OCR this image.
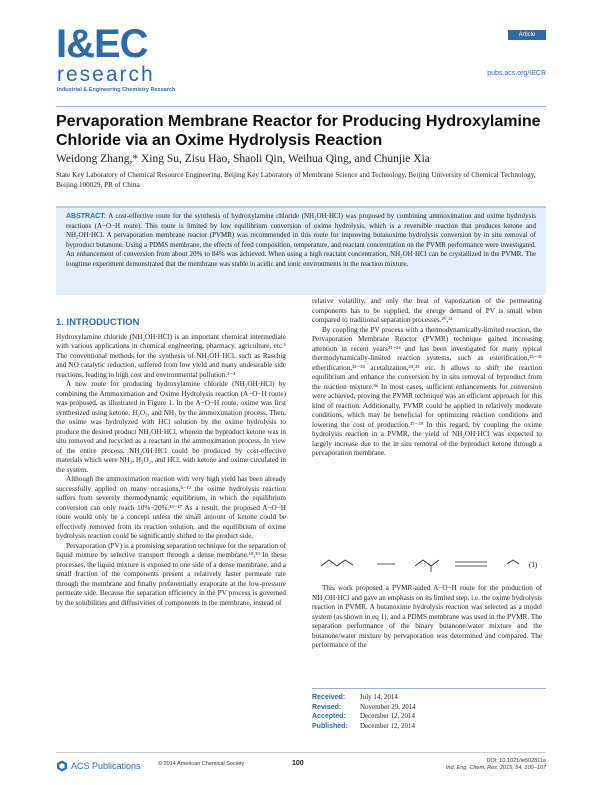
I&EC
research
Industrial & Engineering Chemistry Research
Article
pubs.acs.org/IECR
Pervaporation Membrane Reactor for Producing Hydroxylamine Chloride via an Oxime Hydrolysis Reaction
Weidong Zhang,* Xing Su, Zisu Hao, Shaoli Qin, Weihua Qing, and Chunjie Xia
State Key Laboratory of Chemical Resource Engineering, Beijing Key Laboratory of Membrane Science and Technology, Beijing University of Chemical Technology, Beijing 100029, PR of China
ABSTRACT: A cost-effective route for the synthesis of hydroxylamine chloride (NH₂OH·HCl) was proposed by combining ammoximation and oxime hydrolysis reactions (A−O−H route). This route is limited by low equilibrium conversion of oxime hydrolysis, which is a reversible reaction that produces ketone and NH₂OH·HCl. A pervaporation membrane reactor (PVMR) was recommended in this route for improving butanoxime hydrolysis conversion by in situ removal of byproduct butanone. Using a PDMS membrane, the effects of feed composition, temperature, and reactant concentration on the PVMR performance were investigated. An enhancement of conversion from about 20% to 84% was achieved. When using a high reactant concentration, NH₂OH·HCl can be crystallized in the PVMR. The longtime experiment demonstrated that the membrane was stable in acidic and ionic environments in the reaction mixture.
1. INTRODUCTION

Hydroxylamine chloride (NH₂OH·HCl) is an important chemical intermediate with various applications in chemical engineering, pharmacy, agriculture, etc.¹ The conventional methods for the synthesis of NH₂OH·HCl, such as Raschig and NO catalytic reduction, suffered from low yield and many undesirable side reactions, leading to high cost and environmental pollution.²⁻⁴

A new route for producing hydroxylamine chloride (NH₂OH·HCl) by combining the Ammoximation and Oxime Hydrolysis reaction (A−O−H route) was proposed, as illustrated in Figure 1. In the A−O−H route, oxime was first synthesized using ketone, H₂O₂, and NH₃ by the ammoximation process. Then, the oxime was hydrolyzed with HCl solution by the oxime hydrolysis to produce the desired product NH₂OH·HCl, wherein the byproduct ketone was in situ removed and recycled as a reactant in the ammoximation process. In view of the entire process, NH₂OH·HCl could be produced by cost-effective materials which were NH₃, H₂O₂, and HCl, with ketone and oxime circulated in the system.

Although the ammoximation reaction with very high yield has been already successfully applied on many occasions,⁵⁻¹² the oxime hydrolysis reaction suffers from severely thermodynamic equilibrium, in which the equilibrium conversion can only reach 10%−20%.¹³⁻¹⁷ As a result, the proposed A−O−H route would only be a concept unless the small amount of ketone could be effectively removed from its reaction solution, and the equilibrium of oxime hydrolysis reaction could be significantly shifted to the product side.

Pervaporation (PV) is a promising separation technique for the separation of liquid mixture by selective transport through a dense membrane.¹⁸,¹⁹ In these processes, the liquid mixture is exposed to one side of a dense membrane, and a small fraction of the components present a relatively faster permeate rate through the membrane and finally preferentially evaporate at the low-pressure permeate side. Because the separation efficiency in the PV process is governed by the solubilities and diffusivities of components in the membrane, instead of

relative volatility, and only the heat of vaporization of the permeating components has to be supplied, the energy demand of PV is small when compared to traditional separation processes.²⁰,²¹

By coupling the PV process with a thermodynamically-limited reaction, the Pervaporation Membrane Reactor (PVMR) technique gained increasing attention in recent years²²⁻²⁴ and has been investigated for many typical thermodynamically-limited reaction systems, such as esterification,²⁵⁻³¹ etherification,³²⁻³⁴ acetalization,²⁴,³⁵ etc. It allows to shift the reaction equilibrium and enhance the conversion by in situ removal of byproduct from the reaction mixture.³⁶ In most cases, sufficient enhancements for conversion were achieved, proving the PVMR technique was an efficient approach for this kind of reaction. Additionally, PVMR could be applied in relatively moderate conditions, which may be beneficial for optimizing reaction conditions and lowering the cost of production.³⁷⁻³⁹ In this regard, by coupling the oxime hydrolysis reaction in a PVMR, the yield of NH₂OH·HCl was expected to largely increase due to the in situ removal of the byproduct ketone through a pervaporation membrane.

(1)

This work proposed a PVMR-aided A−O−H route for the production of NH₂OH·HCl and gave an emphasis on its limited step, i.e. the oxime hydrolysis reaction in PVMR. A butanoxime hydrolysis reaction was selected as a model system (as shown in eq 1), and a PDMS membrane was used in the PVMR. The separation performance of the binary butanone/water mixture and the butanone/water mixture by pervaporation was determined and compared. The performance of the

Received:	July 14, 2014
Revised:	November 29, 2014
Accepted:	December 12, 2014
Published:	December 12, 2014
ACS Publications	© 2014 American Chemical Society	100	DOI: 10.1021/ie502811e
Ind. Eng. Chem. Res. 2015, 54, 100−107
